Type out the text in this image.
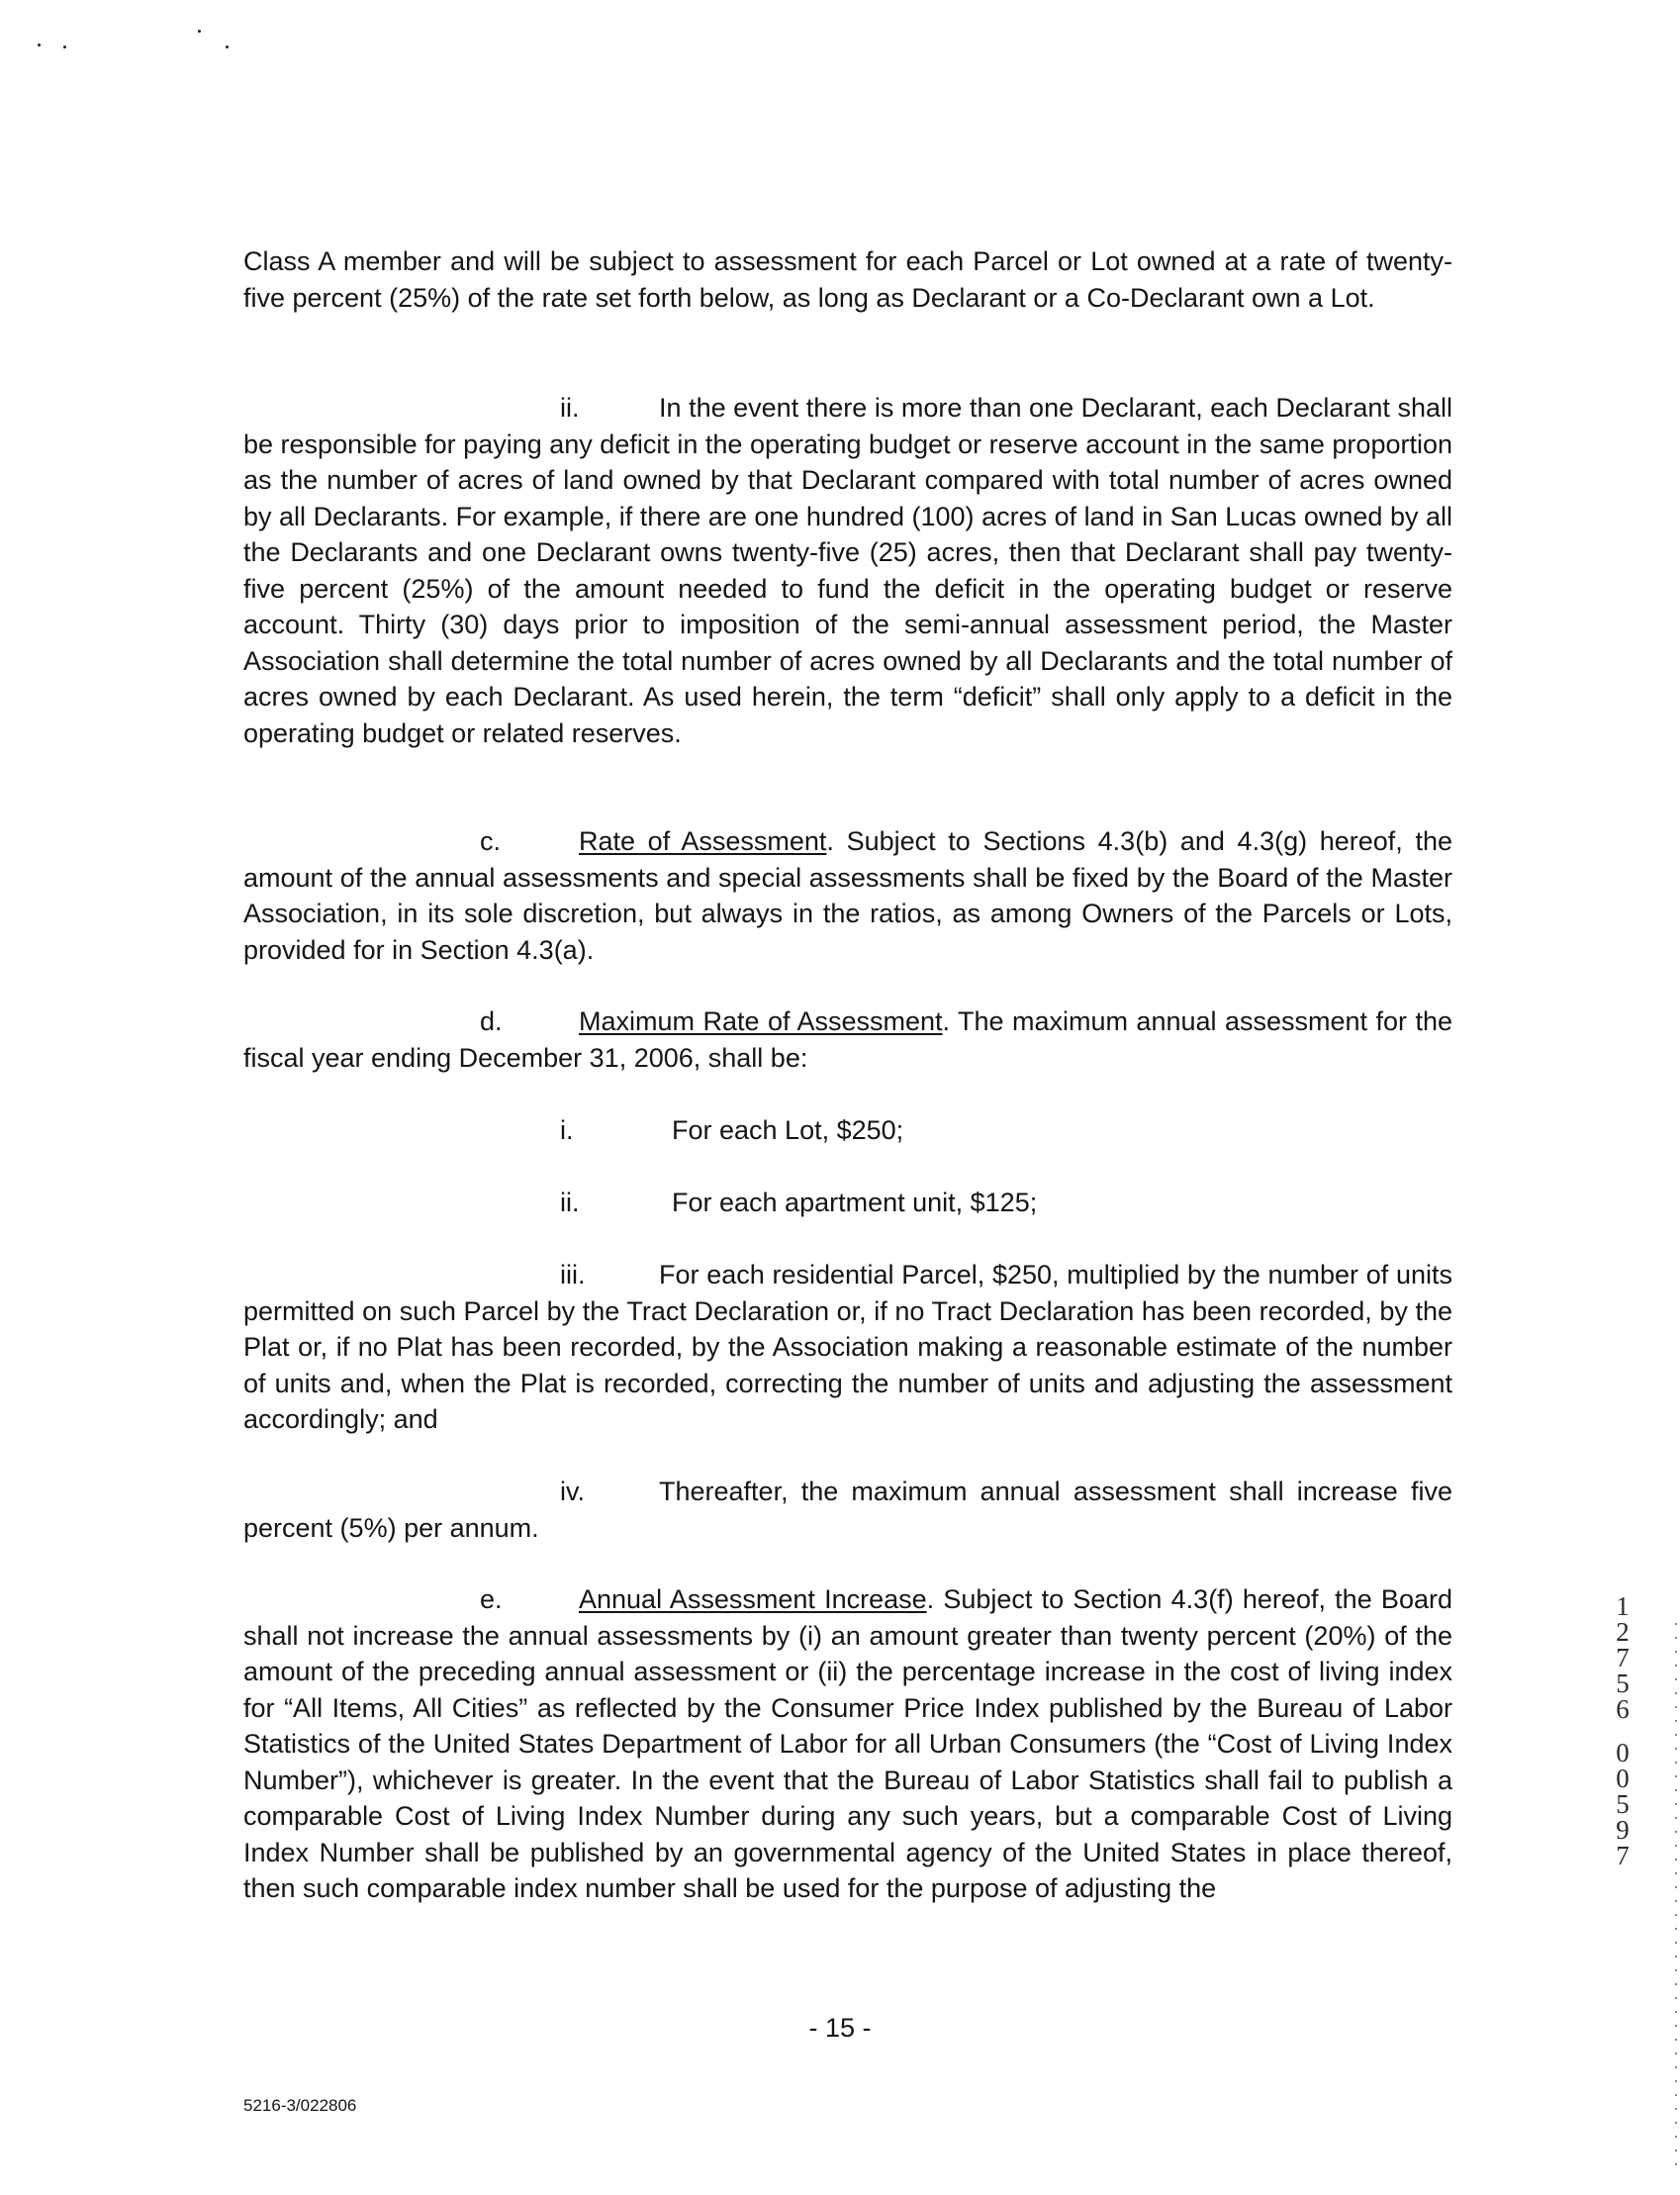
Class A member and will be subject to assessment for each Parcel or Lot owned at a rate of twenty-five percent (25%) of the rate set forth below, as long as Declarant or a Co-Declarant own a Lot.

ii.	In the event there is more than one Declarant, each Declarant shall be responsible for paying any deficit in the operating budget or reserve account in the same proportion as the number of acres of land owned by that Declarant compared with total number of acres owned by all Declarants. For example, if there are one hundred (100) acres of land in San Lucas owned by all the Declarants and one Declarant owns twenty-five (25) acres, then that Declarant shall pay twenty-five percent (25%) of the amount needed to fund the deficit in the operating budget or reserve account. Thirty (30) days prior to imposition of the semi-annual assessment period, the Master Association shall determine the total number of acres owned by all Declarants and the total number of acres owned by each Declarant. As used herein, the term “deficit” shall only apply to a deficit in the operating budget or related reserves.

c.	Rate of Assessment. Subject to Sections 4.3(b) and 4.3(g) hereof, the amount of the annual assessments and special assessments shall be fixed by the Board of the Master Association, in its sole discretion, but always in the ratios, as among Owners of the Parcels or Lots, provided for in Section 4.3(a).

d.	Maximum Rate of Assessment. The maximum annual assessment for the fiscal year ending December 31, 2006, shall be:

i.	For each Lot, $250;

ii.	For each apartment unit, $125;

iii.	For each residential Parcel, $250, multiplied by the number of units permitted on such Parcel by the Tract Declaration or, if no Tract Declaration has been recorded, by the Plat or, if no Plat has been recorded, by the Association making a reasonable estimate of the number of units and, when the Plat is recorded, correcting the number of units and adjusting the assessment accordingly; and

iv.	Thereafter, the maximum annual assessment shall increase five percent (5%) per annum.

e.	Annual Assessment Increase. Subject to Section 4.3(f) hereof, the Board shall not increase the annual assessments by (i) an amount greater than twenty percent (20%) of the amount of the preceding annual assessment or (ii) the percentage increase in the cost of living index for “All Items, All Cities” as reflected by the Consumer Price Index published by the Bureau of Labor Statistics of the United States Department of Labor for all Urban Consumers (the “Cost of Living Index Number”), whichever is greater. In the event that the Bureau of Labor Statistics shall fail to publish a comparable Cost of Living Index Number during any such years, but a comparable Cost of Living Index Number shall be published by an governmental agency of the United States in place thereof, then such comparable index number shall be used for the purpose of adjusting the

- 15 -
5216-3/022806
1
2
7
5
6
0
0
5
9
7
